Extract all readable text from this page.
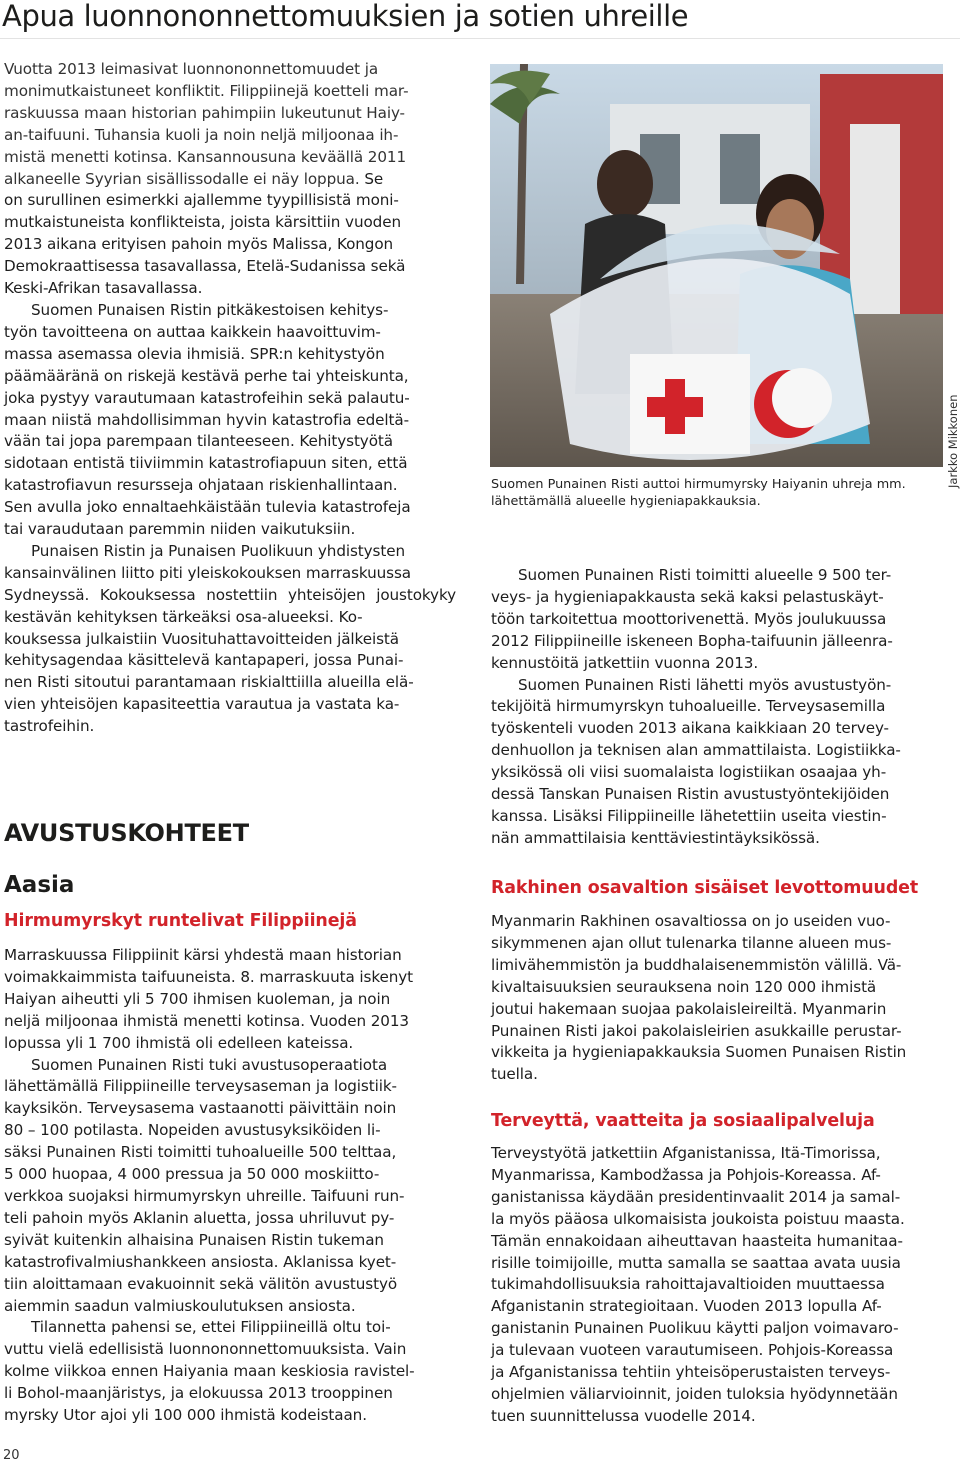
Apua luonnononnettomuuksien ja sotien uhreille

Vuotta 2013 leimasivat luonnononnettomuudet ja
monimutkaistuneet konfliktit. Filippiinejä koetteli mar-
raskuussa maan historian pahimpiin lukeutunut Haiy-
an-taifuuni. Tuhansia kuoli ja noin neljä miljoonaa ih-
mistä menetti kotinsa. Kansannousuna keväällä 2011
alkaneelle Syyrian sisällissodalle ei näy loppua. Se
on surullinen esimerkki ajallemme tyypillisistä moni-
mutkaistuneista konflikteista, joista kärsittiin vuoden
2013 aikana erityisen pahoin myös Malissa, Kongon
Demokraattisessa tasavallassa, Etelä-Sudanissa sekä
Keski-Afrikan tasavallassa.

Suomen Punaisen Ristin pitkäkestoisen kehitys-
työn tavoitteena on auttaa kaikkein haavoittuvim-
massa asemassa olevia ihmisiä. SPR:n kehitystyön
päämääränä on riskejä kestävä perhe tai yhteiskunta,
joka pystyy varautumaan katastrofeihin sekä palautu-
maan niistä mahdollisimman hyvin katastrofia edeltä-
vään tai jopa parempaan tilanteeseen. Kehitystyötä
sidotaan entistä tiiviimmin katastrofiapuun siten, että
katastrofiavun resursseja ohjataan riskienhallintaan.
Sen avulla joko ennaltaehkäistään tulevia katastrofeja
tai varaudutaan paremmin niiden vaikutuksiin.

Punaisen Ristin ja Punaisen Puolikuun yhdistysten
kansainvälinen liitto piti yleiskokouksen marraskuussa
Sydneyssä. Kokouksessa nostettiin yhteisöjen joustokyky kestävän kehityksen tärkeäksi osa-alueeksi. Ko-
kouksessa julkaistiin Vuosituhattavoitteiden jälkeistä
kehitysagendaa käsittelevä kantapaperi, jossa Punai-
nen Risti sitoutui parantamaan riskialttiilla alueilla elä-
vien yhteisöjen kapasiteettia varautua ja vastata ka-
tastrofeihin.

AVUSTUSKOHTEET
Aasia
Hirmumyrskyt runtelivat Filippiinejä

Marraskuussa Filippiinit kärsi yhdestä maan historian
voimakkaimmista taifuuneista. 8. marraskuuta iskenyt
Haiyan aiheutti yli 5 700 ihmisen kuoleman, ja noin
neljä miljoonaa ihmistä menetti kotinsa. Vuoden 2013
lopussa yli 1 700 ihmistä oli edelleen kateissa.

Suomen Punainen Risti tuki avustusoperaatiota
lähettämällä Filippiineille terveysaseman ja logistiik-
kayksikön. Terveysasema vastaanotti päivittäin noin
80 – 100 potilasta. Nopeiden avustusyksiköiden li-
säksi Punainen Risti toimitti tuhoalueille 500 telttaa,
5 000 huopaa, 4 000 pressua ja 50 000 moskiitto-
verkkoa suojaksi hirmumyrskyn uhreille. Taifuuni run-
teli pahoin myös Aklanin aluetta, jossa uhriluvut py-
syivät kuitenkin alhaisina Punaisen Ristin tukeman
katastrofivalmiushankkeen ansiosta. Aklanissa kyet-
tiin aloittamaan evakuoinnit sekä välitön avustustyö
aiemmin saadun valmiuskoulutuksen ansiosta.

Tilannetta pahensi se, ettei Filippiineillä oltu toi-
vuttu vielä edellisistä luonnononnettomuuksista. Vain
kolme viikkoa ennen Haiyania maan keskiosia ravistel-
li Bohol-maanjäristys, ja elokuussa 2013 trooppinen
myrsky Utor ajoi yli 100 000 ihmistä kodeistaan.

Jarkko Mikkonen
Suomen Punainen Risti auttoi hirmumyrsky Haiyanin uhreja mm.
lähettämällä alueelle hygieniapakkauksia.

Suomen Punainen Risti toimitti alueelle 9 500 ter-
veys- ja hygieniapakkausta sekä kaksi pelastuskäyt-
töön tarkoitettua moottorivenettä. Myös joulukuussa
2012 Filippiineille iskeneen Bopha-taifuunin jälleenra-
kennustöitä jatkettiin vuonna 2013.

Suomen Punainen Risti lähetti myös avustustyön-
tekijöitä hirmumyrskyn tuhoalueille. Terveysasemilla
työskenteli vuoden 2013 aikana kaikkiaan 20 tervey-
denhuollon ja teknisen alan ammattilaista. Logistiikka-
yksikössä oli viisi suomalaista logistiikan osaajaa yh-
dessä Tanskan Punaisen Ristin avustustyöntekijöiden
kanssa. Lisäksi Filippiineille lähetettiin useita viestin-
nän ammattilaisia kenttäviestintäyksikössä.

Rakhinen osavaltion sisäiset levottomuudet

Myanmarin Rakhinen osavaltiossa on jo useiden vuo-
sikymmenen ajan ollut tulenarka tilanne alueen mus-
limivähemmistön ja buddhalaisenemmistön välillä. Vä-
kivaltaisuuksien seurauksena noin 120 000 ihmistä
joutui hakemaan suojaa pakolaisleireiltä. Myanmarin
Punainen Risti jakoi pakolaisleirien asukkaille perustar-
vikkeita ja hygieniapakkauksia Suomen Punaisen Ristin
tuella.

Terveyttä, vaatteita ja sosiaalipalveluja

Terveystyötä jatkettiin Afganistanissa, Itä-Timorissa,
Myanmarissa, Kambodžassa ja Pohjois-Koreassa. Af-
ganistanissa käydään presidentinvaalit 2014 ja samal-
la myös pääosa ulkomaisista joukoista poistuu maasta.
Tämän ennakoidaan aiheuttavan haasteita humanitaa-
risille toimijoille, mutta samalla se saattaa avata uusia
tukimahdollisuuksia rahoittajavaltioiden muuttaessa
Afganistanin strategioitaan. Vuoden 2013 lopulla Af-
ganistanin Punainen Puolikuu käytti paljon voimavaro-
ja tulevaan vuoteen varautumiseen. Pohjois-Koreassa
ja Afganistanissa tehtiin yhteisöperustaisten terveys-
ohjelmien väliarvioinnit, joiden tuloksia hyödynnetään
tuen suunnittelussa vuodelle 2014.

20
